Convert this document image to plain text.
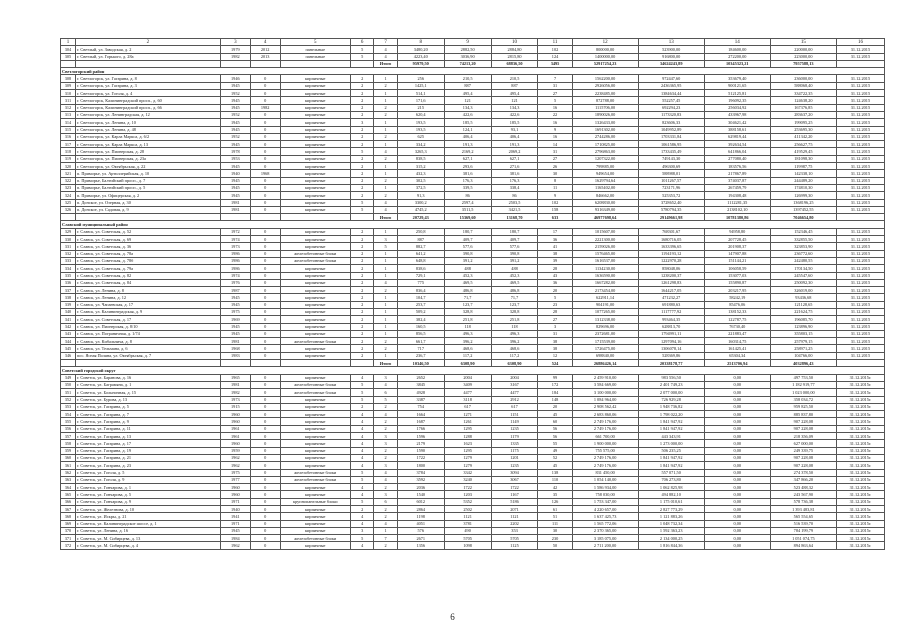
1	2	3	4	5	6	7	8	9	10	11	12	13	14	15	16
304	г. Светлый, ул. Заводская, д. 2	1979	2012	панельные	5	4	3480,20	2882,50	2884,80	102	800000,00	523900,00	184600,00	220000,00	31.12.2015
305	г. Светлый, ул. Горького, д. 28а	1982	2013	панельные	5	4	4223,40	3036,90	2815,80	124	1400000,00	916800,00	272200,00	223000,00	31.12.2015
						Итого	95979,50	74213,20	68836,50	3495	52917254,23	34624243,89	10345323,21	7957588,13	
Светлогорский район															
308	г. Светлогорск, ул. Гагарина, д. 8	1946	0	кирпичные	2	1	256	210,5	210,5	7	1562200,00	972447,60	353679,40	236000,00	31.12.2015
309	г. Светлогорск, ул. Гагарина, д. 3	1945	0	кирпичные	2	2	1425,1	887	887	31	2926056,00	2436365,95	900121,65	588068,40	31.12.2015
310	г. Светлогорск, ул. Гоголя, д. 4	1952	0	кирпичные	2	1	514,1	495,4	495,4	27	2238485,00	1384634,44	512125,81	334722,35	31.12.2015
311	г. Светлогорск, Калининградский просп., д. 60	1945	0	кирпичные	2	1	171,6	121	121	5	872788,00	552257,45	196092,35	124638,20	31.12.2015
312	г. Светлогорск, Калининградский просп., д. 66	1945	1982	кирпичные	2	2	215	134,3	134,3	16	1115706,00	692294,23	256034,92	167376,85	31.12.2015
313	г. Светлогорск, ул. Ленинградская, д. 12	1952	0	кирпичные	2	2	620,4	422,6	422,6	22	1890026,00	1173320,83	433967,98	283637,20	31.12.2015
314	г. Светлогорск, ул. Ленина, д. 10	1945	0	кирпичные	3	1	193,5	185,5	185,5	16	1326433,00	823606,33	304621,42	199095,25	31.12.2015
315	г. Светлогорск, ул. Ленина, д. 48	1945	0	кирпичные	2	1	193,5	124,1	93,1	9	1691302,00	1049952,89	388158,61	253695,30	31.12.2015
316	г. Светлогорск, ул. Карла Маркса, д. 6/2	1952	0	кирпичные	2	2	625	406,4	406,4	16	2744286,00	1703331,84	629819,44	411342,20	31.12.2015
317	г. Светлогорск, ул. Карла Маркса, д. 13	1945	0	кирпичные	2	1	334,2	191,3	191,3	14	1710825,00	1061586,95	392634,54	256627,75	31.12.2015
318	г. Светлогорск, ул. Пионерская, д. 28	1978	0	кирпичные	5	4	3265,3	2169,2	2069,2	31	2796863,00	1733435,49	641866,04	419529,45	31.12.2015
319	г. Светлогорск, ул. Пионерская, д. 23а	1953	0	кирпичные	2	2	838,5	627,1	627,1	27	1207322,00	749143,30	277080,40	181098,30	31.12.2015
320	г. Светлогорск, ул. Октябрьская, д. 22	1945	0	кирпичные	2	1	315,2	293,6	271,6	26	799885,00	496300,69	183576,56	119987,75	31.12.2015
321	п. Приморье, ул. Артиллерийская, д. 10	1940	1968	кирпичные	2	1	432,3	381,6	381,6	30	949654,00	588988,01	217867,89	142338,10	31.12.2015
322	п. Приморье, Балтийский просп., д. 7	1945	0	кирпичные	2	2	302,5	176,3	176,3	8	1629794,64	1011267,57	374037,87	244489,20	31.12.2015
323	п. Приморье, Балтийский просп., д. 5	1945	0	кирпичные	2	1	372,5	339,5	338,4	11	1165402,00	723171,96	267459,79	174810,30	31.12.2015
324	п. Приморье, ул. Офицерская, д. 2	1945	0	кирпичные	2	2	91,3	86	86	9	846662,00	525353,72	194308,48	126999,30	31.12.2015
325	п. Донское, ул. Озерная, д. 30	1981	0	кирпичные	5	4	3300,2	2597,4	2503,5	102	6208830,00	3728652,40	1112281,35	1368196,25	31.12.2015
326	п. Донское, ул. Садовая, д. 9	1981	0	кирпичные	5	4	4745,2	3511,5	3421,5	158	9316349,00	5780794,35	2138102,10	1397452,55	31.12.2015
						Итого	20729,43	15369,60	13168,70	633	46977698,64	29149661,98	10781380,86	7046654,80	
Славский муниципальный район															
329	г. Славск, ул. Советская, д. 52	1972	0	кирпичные	2	1	250,8	180,7	180,7	17	1015607,00	768301,67	94958,80	152346,45	31.12.2015
330	г. Славск, ул. Советская, д. 69	1974	0	кирпичные	2	3	887	409,7	409,7	36	2221300,00	1680716,05	207728,45	332855,50	31.12.2015
331	г. Славск, ул. Советская, д. 36	1973	0	кирпичные	2	5	882,7	577,6	577,6	41	2159026,00	1633396,65	201908,37	323853,90	31.12.2015
332	г. Славск, ул. Советская, д. 78а	1986	0	железобетонные блоки	2	1	641,2	390,8	390,8	38	1576465,00	1194193,12	147907,88	236772,60	31.12.2015
333	г. Славск, ул. Советская, д. 78б	1986	0	железобетонные блоки	2	1	648,8	391,2	391,2	39	1616537,00	1222970,28	151144,21	242480,55	31.12.2015
334	г. Славск, ул. Советская, д. 79а	1986	0	кирпичные	2	1	838,6	488	488	28	1134230,00	858048,06	106058,59	170134,50	31.12.2015
335	г. Славск, ул. Советская, д. 82	1974	0	кирпичные	2	1	729,1	452,3	452,3	43	1636590,00	1238200,37	153077,03	245547,60	31.12.2015
336	г. Славск, ул. Советская, д. 84	1976	0	кирпичные	2	4	775	469,5	469,5	36	1667282,00	1261298,83	155890,87	250092,30	31.12.2015
337	г. Славск, ул. Ленина, д. 8	1987	0	кирпичные	2	2	836,4	486,8	486,8	20	2173454,00	1644217,05	203217,95	326019,00	31.12.2015
338	г. Славск, ул. Ленина, д. 12	1945	0	кирпичные	2	1	104,7	71,7	71,7	5	622911,14	471232,27	58242,19	93436,68	31.12.2015
339	г. Славск, ул. Чапаевская, д. 17	1945	0	кирпичные	2	1	253,7	123,7	123,7	23	904191,00	691880,63	85476,06	121128,65	31.12.2015
340	г. Славск, ул. Калининградская, д. 9	1975	0	кирпичные	2	1	509,2	328,8	328,8	28	1077265,00	1117777,92	138152,33	221624,75	31.12.2015
341	г. Славск, ул. Советская, д. 17	1969	0	кирпичные	2	1	382,4	251,8	251,8	27	1312338,00	993464,35	122787,75	196085,70	31.12.2015
342	г. Славск, ул. Пионерская, д. 8/10	1945	0	кирпичные	2	1	160,5	118	118	3	829696,00	628813,70	76730,40	123896,90	31.12.2015
343	г. Славск, ул. Пограничная, д. 1/74	1945	0	кирпичные	2	1	856,5	496,3	496,3	31	2372681,00	1794991,11	221883,47	355803,15	31.12.2015
344	г. Славск, ул. Кибальчича, д. 8	1981	0	железобетонные блоки	2	2	661,7	396,2	396,2	38	1715539,00	1297094,16	160314,75	257979,15	31.12.2015
345	г. Славск, ул. Тельмана, д. 6	1968	0	кирпичные	2	2	717	468,6	468,6	38	1726475,00	1306078,14	161425,41	258971,25	31.12.2015
346	пос. Ясная Поляна, ул. Октябрьская, д. 7	1983	0	кирпичные	2	1	236,7	117,2	117,2	12	698840,00	528369,86	65304,34	104766,00	31.12.2015
						Итого	10346,50	6308,90	6308,90	524	26886426,14	20338178,77	2513706,94	4032896,43	
Советский городской округ															
349	г. Советск, ул. Баранова, д. 16	1965	0	кирпичные	4	3	2652	2004	2004	99	2 459 910,00	983 556,50	0,00	497 753,50	31.12.2015г.
350	г. Советск, ул. Баграмяна, д. 1	1981	0	железобетонные блоки	5	4	3845	3409	3167	172	3 584 669,00	2 401 749,23	0,00	1 182 919,77	31.12.2015г.
351	г. Советск, ул. Больничная, д. 15	1982	0	железобетонные блоки	5	6	4928	4477	4477	184	3 100 000,00	2 077 000,00	0,00	1 023 000,00	31.12.2015г.
352	г. Советск, ул. Бурова, д. 13	1973	0	кирпичные	5	5	3387	3118	2912	148	1 084 964,00	726 929,28	0,00	358 034,72	31.12.2015г.
353	г. Советск, ул. Гагарина, д. 5	1915	0	кирпичные	2	2	754	617	617	20	2 908 562,42	1 948 736,82	0,00	959 825,50	31.12.2015г.
354	г. Советск, ул. Гагарина, д. 7	1960	0	кирпичные	4	4	1664	1271	1151	45	2 683 860,06	1 798 022,20	0,00	885 837,80	31.12.2015г.
355	г. Советск, ул. Гагарина, д. 9	1960	0	кирпичные	4	2	1687	1261	1149	60	2 749 176,00	1 841 947,92	0,00	907 228,08	31.12.2015г.
356	г. Советск, ул. Гагарина, д. 11	1961	0	кирпичные	4	2	1766	1295	1235	56	2 749 176,00	1 841 947,92	0,00	907 228,08	31.12.2015г.
357	г. Советск, ул. Гагарина, д. 13	1961	0	кирпичные	4	3	1596	1288	1179	56	661 700,00	443 343,91	0,00	218 356,09	31.12.2015г.
358	г. Советск, ул. Гагарина, д. 17	1960	0	кирпичные	4	3	2179	1623	1335	55	1 900 000,00	1 273 000,00	0,00	627 000,00	31.12.2015г.
359	г. Советск, ул. Гагарина, д. 19	1959	0	кирпичные	4	2	1590	1295	1175	49	755 575,00	506 235,25	0,00	249 339,75	31.12.2015г.
360	г. Советск, ул. Гагарина, д. 21	1962	0	кирпичные	4	2	1722	1279	1201	52	2 749 176,00	1 841 947,92	0,00	907 228,08	31.12.2015г.
361	г. Советск, ул. Гагарина, д. 23	1962	0	кирпичные	4	3	1800	1279	1235	45	2 749 176,00	1 841 947,92	0,00	907 228,08	31.12.2015г.
362	г. Советск, ул. Гоголя, д. 5	1975	0	железобетонные блоки	5	4	3784	3342	3094	138	831 450,00	557 071,50	0,00	274 378,50	31.12.2015г.
363	г. Советск, ул. Гоголя, д. 9	1977	0	железобетонные блоки	5	4	3592	3240	3067	110	1 054 140,00	706 273,80	0,00	347 866,20	31.12.2015г.
364	г. Советск, ул. Гончарова, д. 1	1960	0	кирпичные	4	2	2036	1722	1722	42	1 586 934,00	1 062 825,98	0,00	523 488,32	31.12.2015г.
365	г. Советск, ул. Гончарова, д. 5	1960	0	кирпичные	4	3	1540	1203	1167	35	758 030,00	494 882,10	0,00	243 567,90	31.12.2015г.
366	г. Советск, ул. Гончарова, д. 9	1971	0	крупнопанельные блоки	5	6	6012	5352	5186	126	1 753 347,00	1 175 010,61	0,00	578 736,38	31.12.2015г.
367	г. Советск, ул. Железнова, д. 10	1940	0	кирпичные	2	2	2864	2502	2071	61	4 220 657,00	2 827 773,29	0,00	1 393 483,81	31.12.2015г.
368	г. Советск, ул. Искры, д. 21	1941	0	кирпичные	4	2	1198	1121	1121	51	1 637 425,73	1 121 883,26	0,00	565 554,65	31.12.2015г.
369	г. Советск, ул. Калининградское шоссе, д. 1	1971	0	кирпичные	4	4	4051	3781	2202	111	1 565 772,06	1 048 732,34	0,00	516 539,70	31.12.2015г.
370	г. Советск, ул. Ленина, д. 16	1945	0	кирпичные	3	1	576	490	353	30	2 370 365,00	1 592 363,23	0,00	784 199,79	31.12.2015г.
371	г. Советск, ул. М. Сибирцева, д. 13	1984	0	железобетонные блоки	5	7	2671	5705	5705	230	3 185 075,00	2 134 000,25	0,00	1 051 074,75	31.12.2015г.
372	г. Советск, ул. М. Сибирцева, д. 4	1962	0	кирпичные	4	2	1356	1098	1125	50	2 711 200,00	1 816 844,36	0,00	894 863,64	31.12.2015г.
6
